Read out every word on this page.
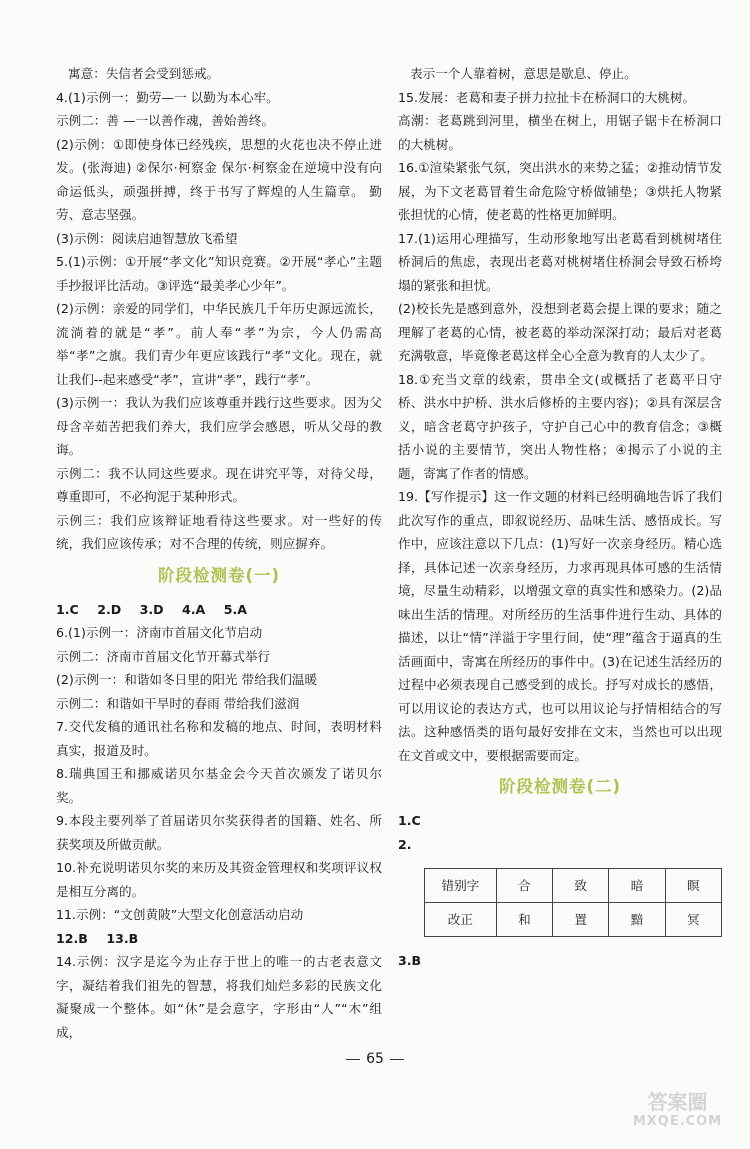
寓意：失信者会受到惩戒。

4.(1)示例一：勤劳—一 以勤为本心牢。

示例二：善 —一以善作魂，善始善终。

(2)示例：①即使身体已经残疾，思想的火花也决不停止迸发。(张海迪) ②保尔·柯察金 保尔·柯察金在逆境中没有向命运低头，顽强拼搏，终于书写了辉煌的人生篇章。 勤劳、意志坚强。

(3)示例：阅读启迪智慧放飞希望

5.(1)示例：①开展“孝文化”知识竞赛。②开展“孝心”主题手抄报评比活动。③评选“最美孝心少年”。

(2)示例：亲爱的同学们，中华民族几千年历史源远流长，流淌着的就是“孝”。前人奉“孝”为宗，今人仍需高举“孝”之旗。我们青少年更应该践行“孝”文化。现在，就让我们--起来感受“孝”，宣讲“孝”，践行“孝”。

(3)示例一：我认为我们应该尊重并践行这些要求。因为父母含辛茹苦把我们养大，我们应学会感恩，听从父母的教诲。

示例二：我不认同这些要求。现在讲究平等，对待父母，尊重即可，不必拘泥于某种形式。

示例三：我们应该辩证地看待这些要求。对一些好的传统，我们应该传承；对不合理的传统，则应摒弃。

阶段检测卷(一)

1.C 2.D 3.D 4.A 5.A

6.(1)示例一：济南市首届文化节启动

示例二：济南市首届文化节开幕式举行

(2)示例一：和谐如冬日里的阳光 带给我们温暖

示例二：和谐如干旱时的春雨 带给我们滋润

7.交代发稿的通讯社名称和发稿的地点、时间，表明材料真实，报道及时。

8.瑞典国王和挪威诺贝尔基金会今天首次颁发了诺贝尔奖。

9.本段主要列举了首届诺贝尔奖获得者的国籍、姓名、所获奖项及所做贡献。

10.补充说明诺贝尔奖的来历及其资金管理权和奖项评议权是相互分离的。

11.示例：“文创黄陂”大型文化创意活动启动

12.B 13.B

14.示例：汉字是迄今为止存于世上的唯一的古老表意文字，凝结着我们祖先的智慧，将我们灿烂多彩的民族文化凝聚成一个整体。如“休”是会意字，字形由“人”“木”组成，

表示一个人靠着树，意思是歇息、停止。

15.发展：老葛和妻子拼力拉扯卡在桥洞口的大桃树。

高潮：老葛跳到河里，横坐在树上，用锯子锯卡在桥洞口的大桃树。

16.①渲染紧张气氛，突出洪水的来势之猛；②推动情节发展，为下文老葛冒着生命危险守桥做铺垫；③烘托人物紧张担忧的心情，使老葛的性格更加鲜明。

17.(1)运用心理描写，生动形象地写出老葛看到桃树堵住桥洞后的焦虑，表现出老葛对桃树堵住桥洞会导致石桥垮塌的紧张和担忧。

(2)校长先是感到意外，没想到老葛会提上课的要求；随之理解了老葛的心情，被老葛的举动深深打动；最后对老葛充满敬意，毕竟像老葛这样全心全意为教育的人太少了。

18.①充当文章的线索，贯串全文(或概括了老葛平日守桥、洪水中护桥、洪水后修桥的主要内容)；②具有深层含义，暗含老葛守护孩子，守护自己心中的教育信念；③概括小说的主要情节，突出人物性格；④揭示了小说的主题，寄寓了作者的情感。

19.【写作提示】这一作文题的材料已经明确地告诉了我们此次写作的重点，即叙说经历、品味生活、感悟成长。写作中，应该注意以下几点：(1)写好一次亲身经历。精心选择，具体记述一次亲身经历，力求再现具体可感的生活情境，尽量生动精彩，以增强文章的真实性和感染力。(2)品味出生活的情理。对所经历的生活事件进行生动、具体的描述，以让“情”洋溢于字里行间，使“理”蕴含于逼真的生活画面中，寄寓在所经历的事件中。(3)在记述生活经历的过程中必须表现自己感受到的成长。抒写对成长的感悟，可以用议论的表达方式，也可以用议论与抒情相结合的写法。这种感悟类的语句最好安排在文末，当然也可以出现在文首或文中，要根据需要而定。

阶段检测卷(二)

1.C

2.

错别字	合	致	暗	瞑
改正	和	置	黯	冥

3.B

65
答案圈
MXQE.COM
